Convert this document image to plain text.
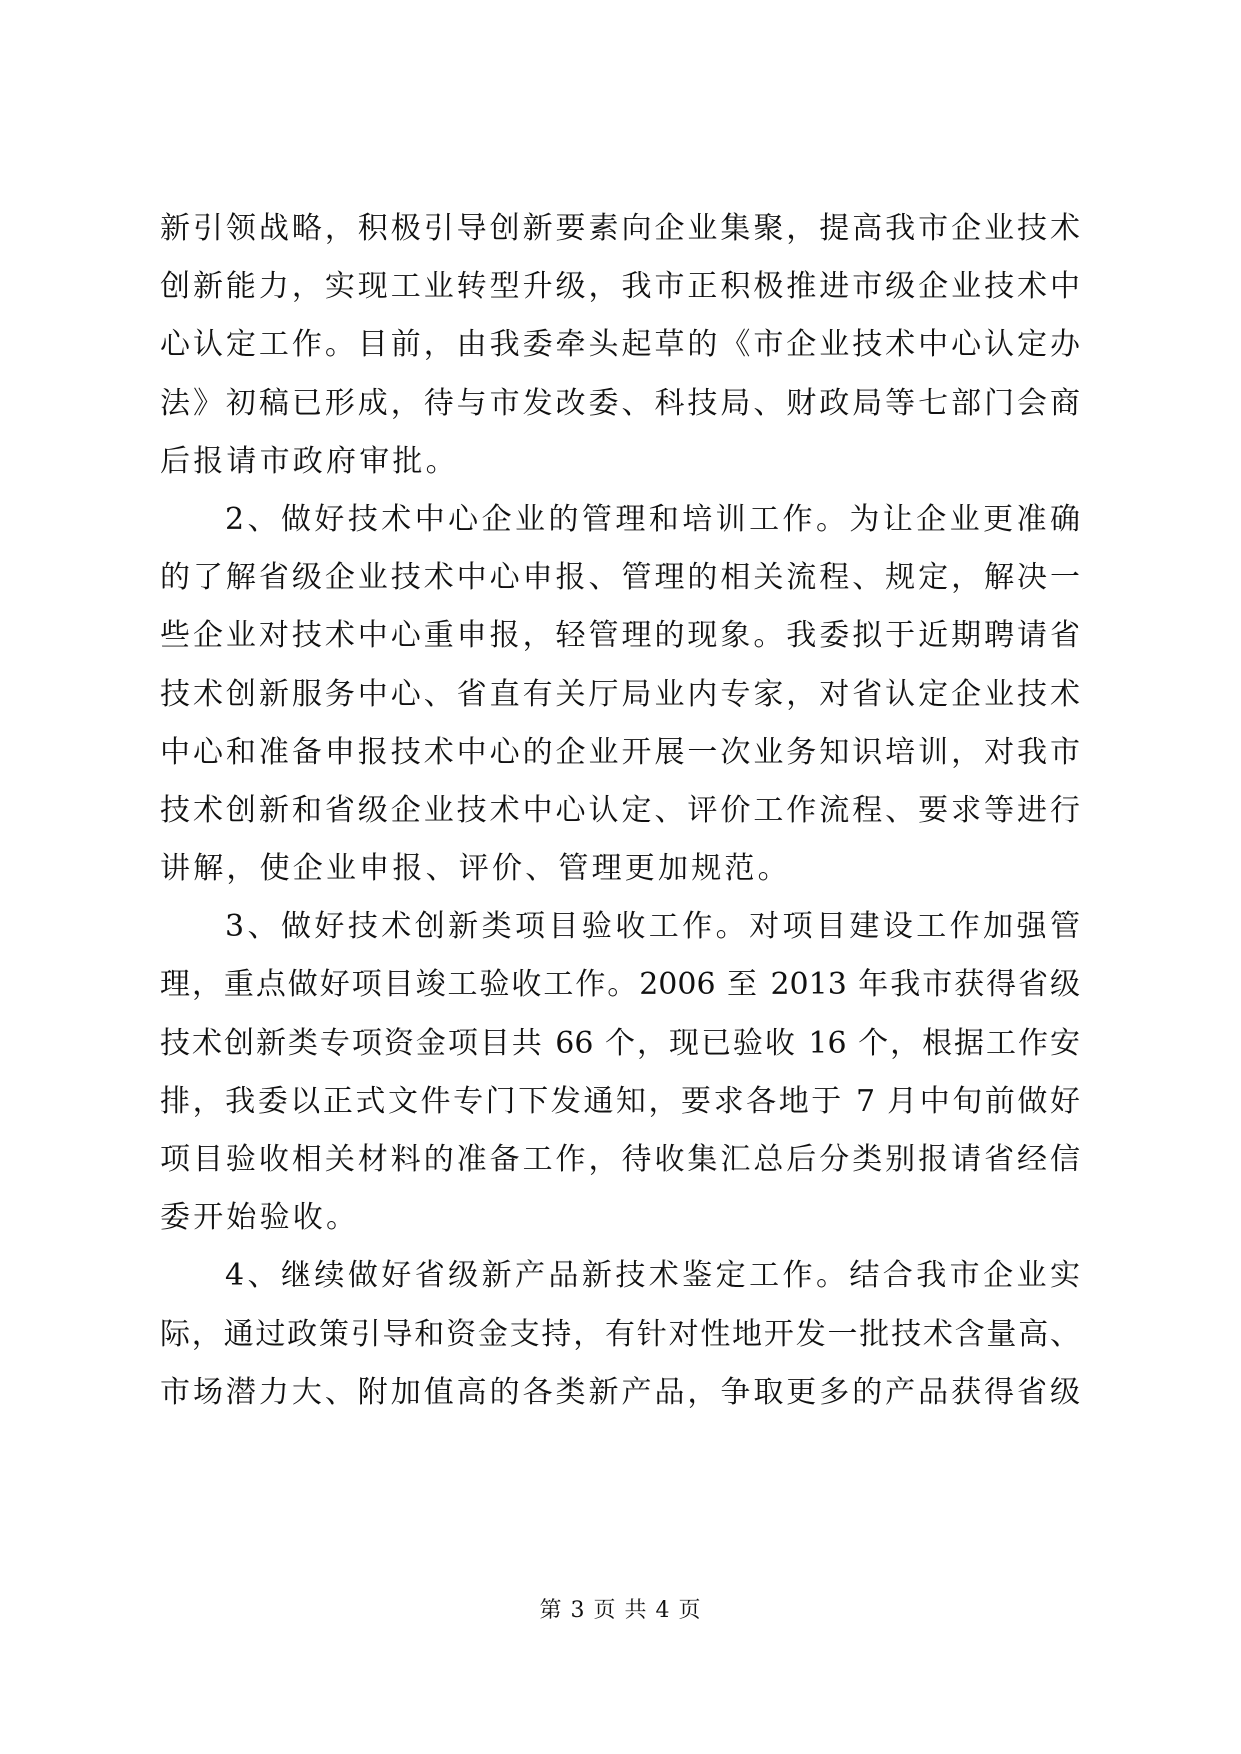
新引领战略，积极引导创新要素向企业集聚，提高我市企业技术
创新能力，实现工业转型升级，我市正积极推进市级企业技术中
心认定工作。目前，由我委牵头起草的《市企业技术中心认定办
法》初稿已形成，待与市发改委、科技局、财政局等七部门会商
后报请市政府审批。
2、做好技术中心企业的管理和培训工作。为让企业更准确
的了解省级企业技术中心申报、管理的相关流程、规定，解决一
些企业对技术中心重申报，轻管理的现象。我委拟于近期聘请省
技术创新服务中心、省直有关厅局业内专家，对省认定企业技术
中心和准备申报技术中心的企业开展一次业务知识培训，对我市
技术创新和省级企业技术中心认定、评价工作流程、要求等进行
讲解，使企业申报、评价、管理更加规范。
3、做好技术创新类项目验收工作。对项目建设工作加强管
理，重点做好项目竣工验收工作。2006 至 2013 年我市获得省级
技术创新类专项资金项目共 66 个，现已验收 16 个，根据工作安
排，我委以正式文件专门下发通知，要求各地于 7 月中旬前做好
项目验收相关材料的准备工作，待收集汇总后分类别报请省经信
委开始验收。
4、继续做好省级新产品新技术鉴定工作。结合我市企业实
际，通过政策引导和资金支持，有针对性地开发一批技术含量高、
市场潜力大、附加值高的各类新产品，争取更多的产品获得省级
第 3 页 共 4 页
